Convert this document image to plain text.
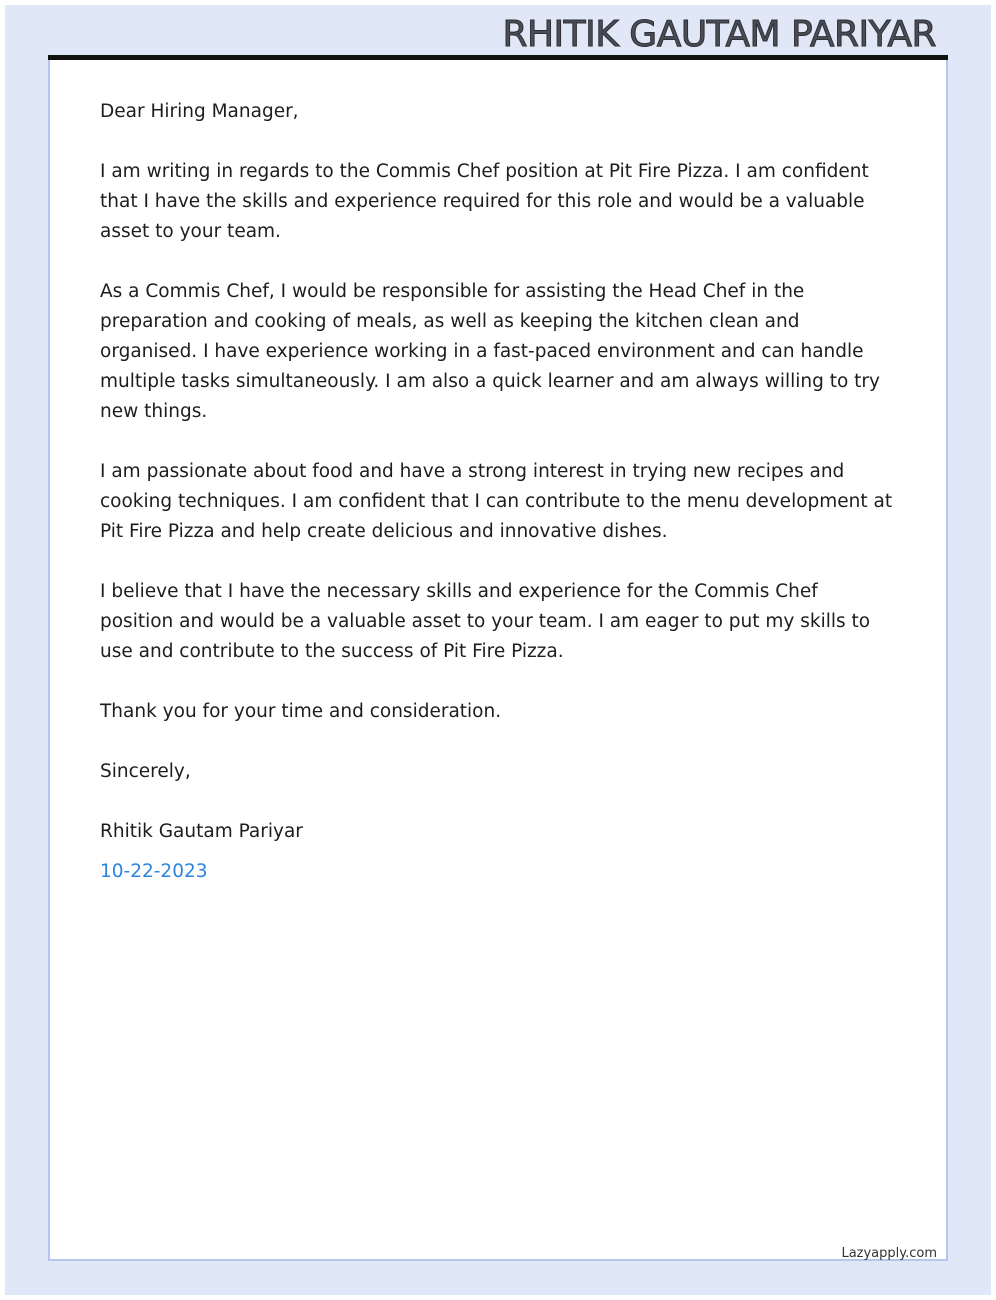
RHITIK GAUTAM PARIYAR

Dear Hiring Manager,

I am writing in regards to the Commis Chef position at Pit Fire Pizza. I am confident that I have the skills and experience required for this role and would be a valuable asset to your team.

As a Commis Chef, I would be responsible for assisting the Head Chef in the preparation and cooking of meals, as well as keeping the kitchen clean and organised. I have experience working in a fast-paced environment and can handle multiple tasks simultaneously. I am also a quick learner and am always willing to try new things.

I am passionate about food and have a strong interest in trying new recipes and cooking techniques. I am confident that I can contribute to the menu development at Pit Fire Pizza and help create delicious and innovative dishes.

I believe that I have the necessary skills and experience for the Commis Chef position and would be a valuable asset to your team. I am eager to put my skills to use and contribute to the success of Pit Fire Pizza.

Thank you for your time and consideration.

Sincerely,

Rhitik Gautam Pariyar

10-22-2023

Lazyapply.com
